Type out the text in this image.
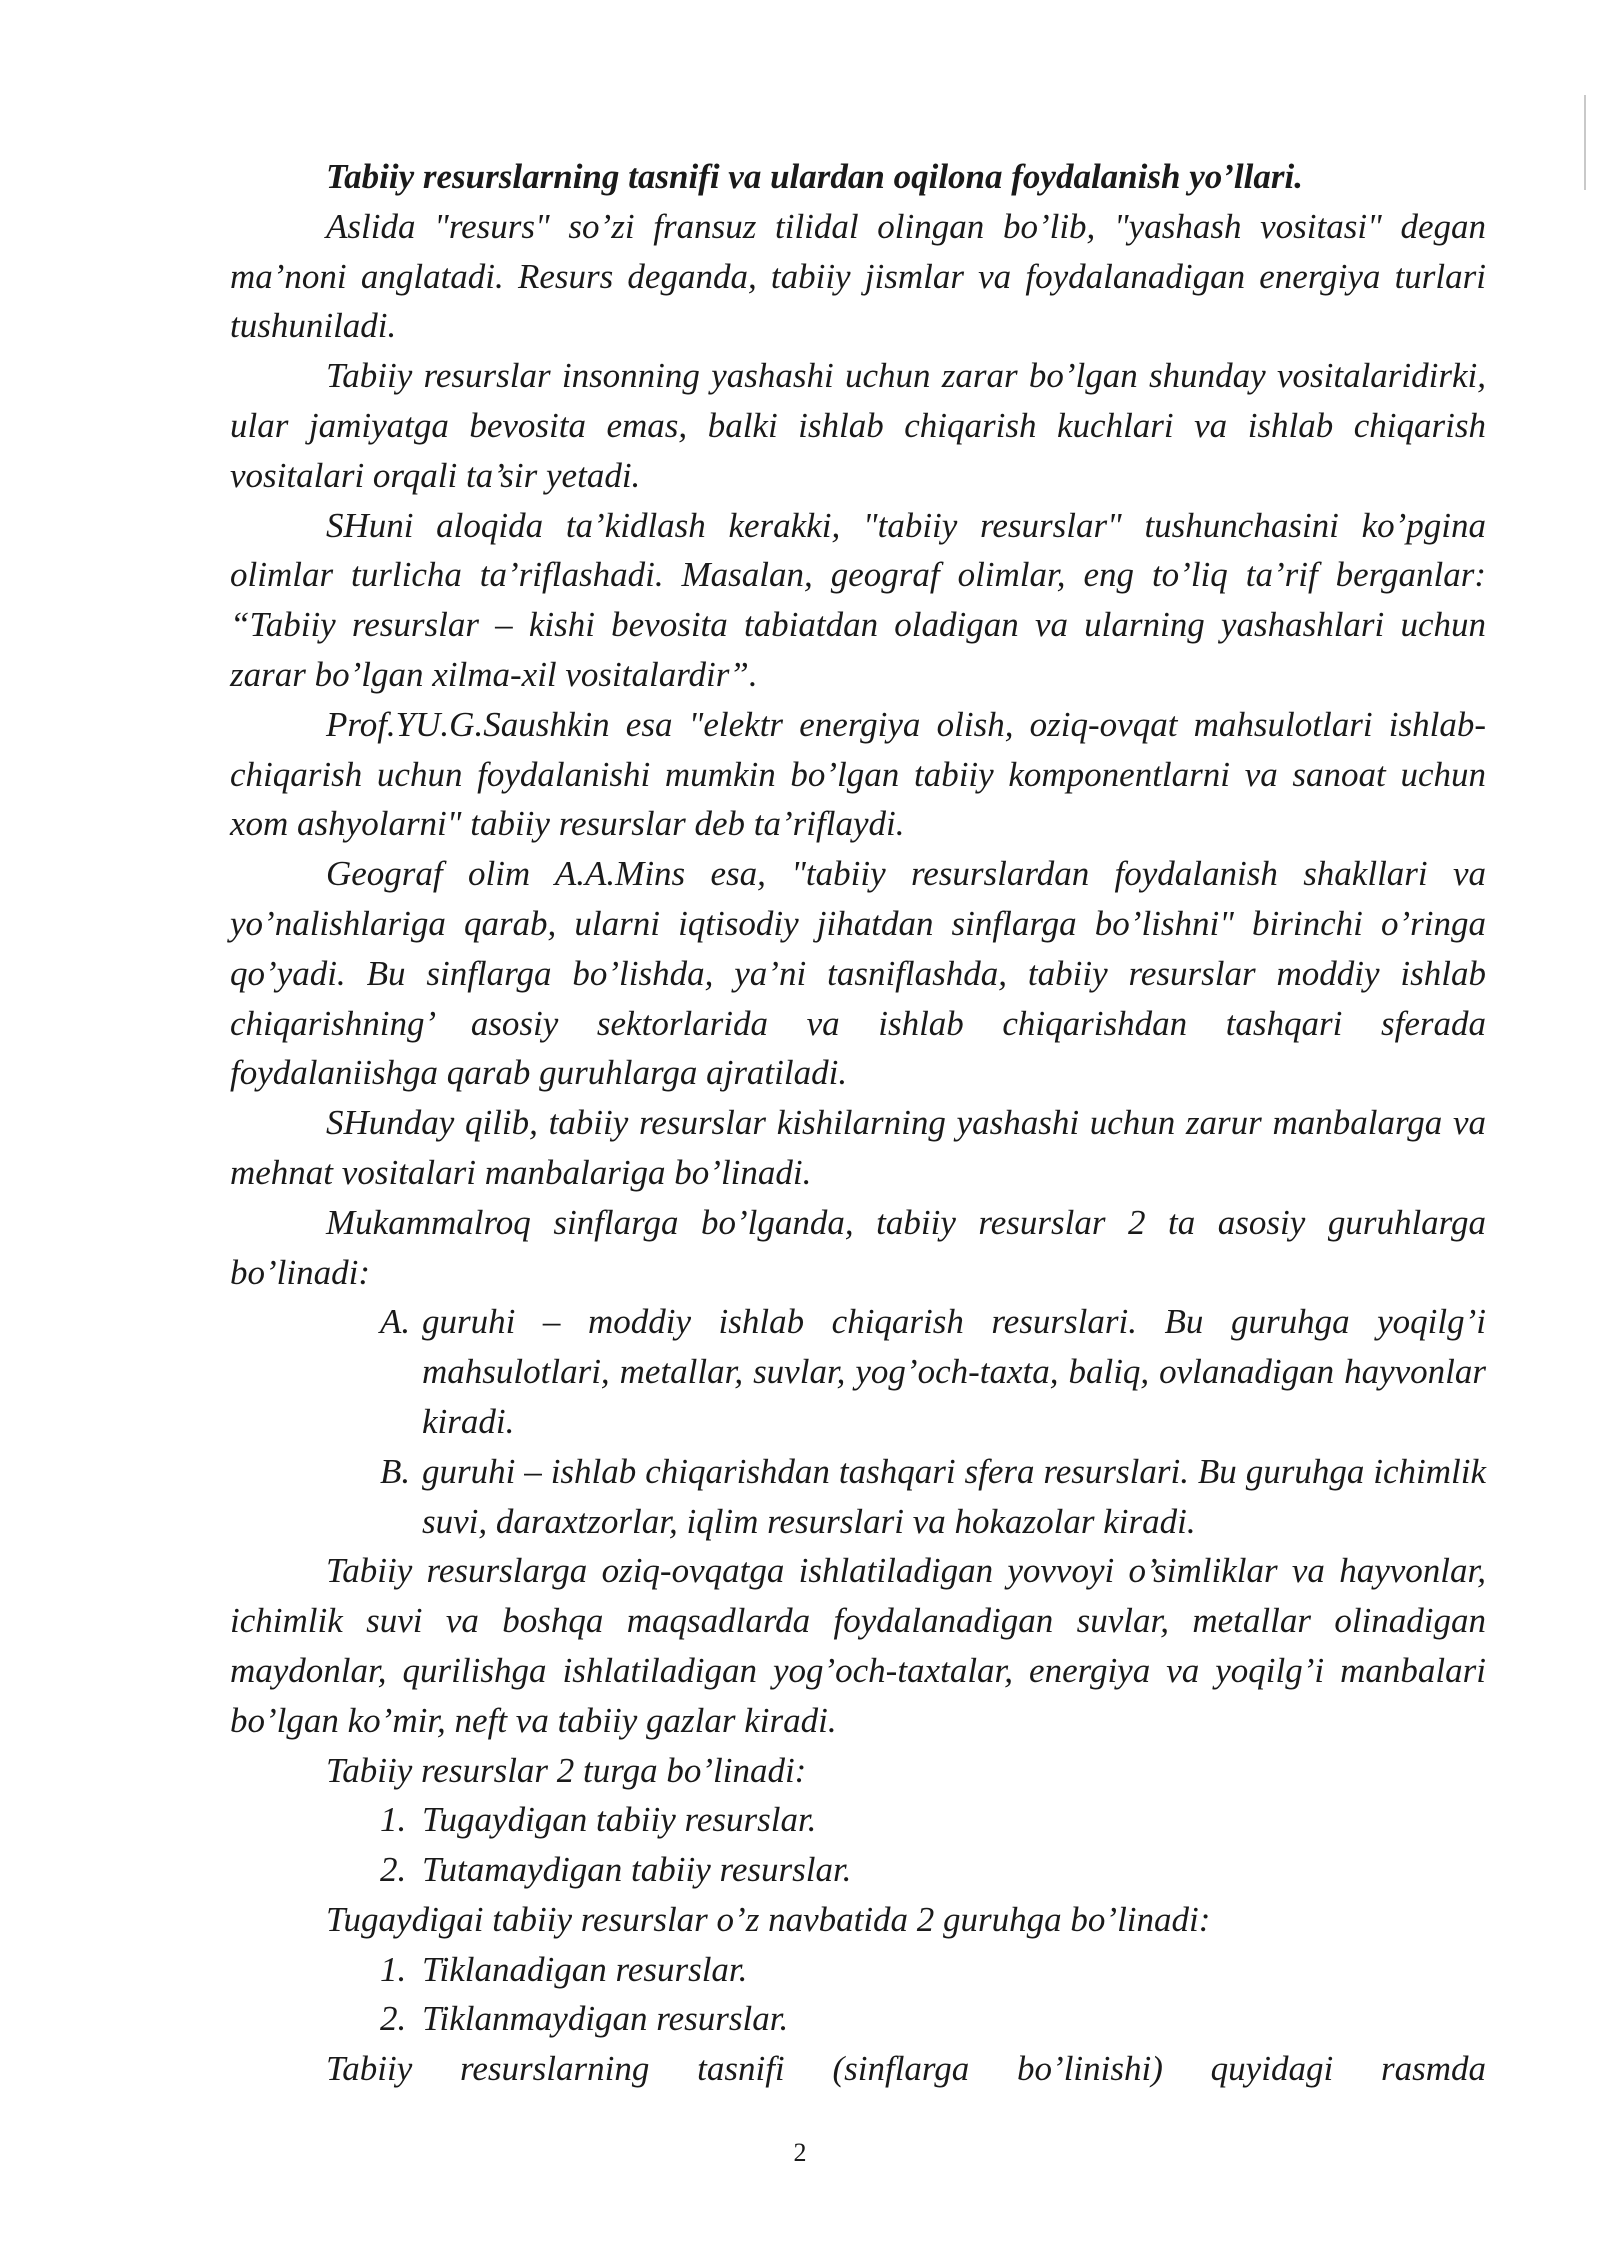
Tabiiy resurslarning tasnifi va ulardan oqilona foydalanish yo’llari.

Aslida "resurs" so’zi fransuz tilidal olingan bo’lib, "yashash vositasi" degan ma’noni anglatadi. Resurs deganda, tabiiy jismlar va foydalanadigan energiya turlari tushuniladi.

Tabiiy resurslar insonning yashashi uchun zarar bo’lgan shunday vositalaridirki, ular jamiyatga bevosita emas, balki ishlab chiqarish kuchlari va ishlab chiqarish vositalari orqali ta’sir yetadi.

SHuni aloqida ta’kidlash kerakki, "tabiiy resurslar" tushunchasini ko’pgina olimlar turlicha ta’riflashadi. Masalan, geograf olimlar, eng to’liq ta’rif berganlar: “Tabiiy resurslar – kishi bevosita tabiatdan oladigan va ularning yashashlari uchun zarar bo’lgan xilma-xil vositalardir”.

Prof.YU.G.Saushkin esa "elektr energiya olish, oziq-ovqat mahsulotlari ishlab-chiqarish uchun foydalanishi mumkin bo’lgan tabiiy komponentlarni va sanoat uchun xom ashyolarni" tabiiy resurslar deb ta’riflaydi.

Geograf olim A.A.Mins esa, "tabiiy resurslardan foydalanish shakllari va yo’nalishlariga qarab, ularni iqtisodiy jihatdan sinflarga bo’lishni" birinchi o’ringa qo’yadi. Bu sinflarga bo’lishda, ya’ni tasniflashda, tabiiy resurslar moddiy ishlab chiqarishning’ asosiy sektorlarida va ishlab chiqarishdan tashqari sferada foydalaniishga qarab guruhlarga ajratiladi.

SHunday qilib, tabiiy resurslar kishilarning yashashi uchun zarur manbalarga va mehnat vositalari manbalariga bo’linadi.

Mukammalroq sinflarga bo’lganda, tabiiy resurslar 2 ta asosiy guruhlarga bo’linadi:

A. guruhi – moddiy ishlab chiqarish resurslari. Bu guruhga yoqilg’i mahsulotlari, metallar, suvlar, yog’och-taxta, baliq, ovlanadigan hayvonlar kiradi.
B. guruhi – ishlab chiqarishdan tashqari sfera resurslari. Bu guruhga ichimlik suvi, daraxtzorlar, iqlim resurslari va hokazolar kiradi.

Tabiiy resurslarga oziq-ovqatga ishlatiladigan yovvoyi o’simliklar va hayvonlar, ichimlik suvi va boshqa maqsadlarda foydalanadigan suvlar, metallar olinadigan maydonlar, qurilishga ishlatiladigan yog’och-taxtalar, energiya va yoqilg’i manbalari bo’lgan ko’mir, neft va tabiiy gazlar kiradi.

Tabiiy resurslar 2 turga bo’linadi:

1. Tugaydigan tabiiy resurslar.
2. Tutamaydigan tabiiy resurslar.

Tugaydigai tabiiy resurslar o’z navbatida 2 guruhga bo’linadi:

1. Tiklanadigan resurslar.
2. Tiklanmaydigan resurslar.

Tabiiy resurslarning tasnifi (sinflarga bo’linishi) quyidagi rasmda

2
